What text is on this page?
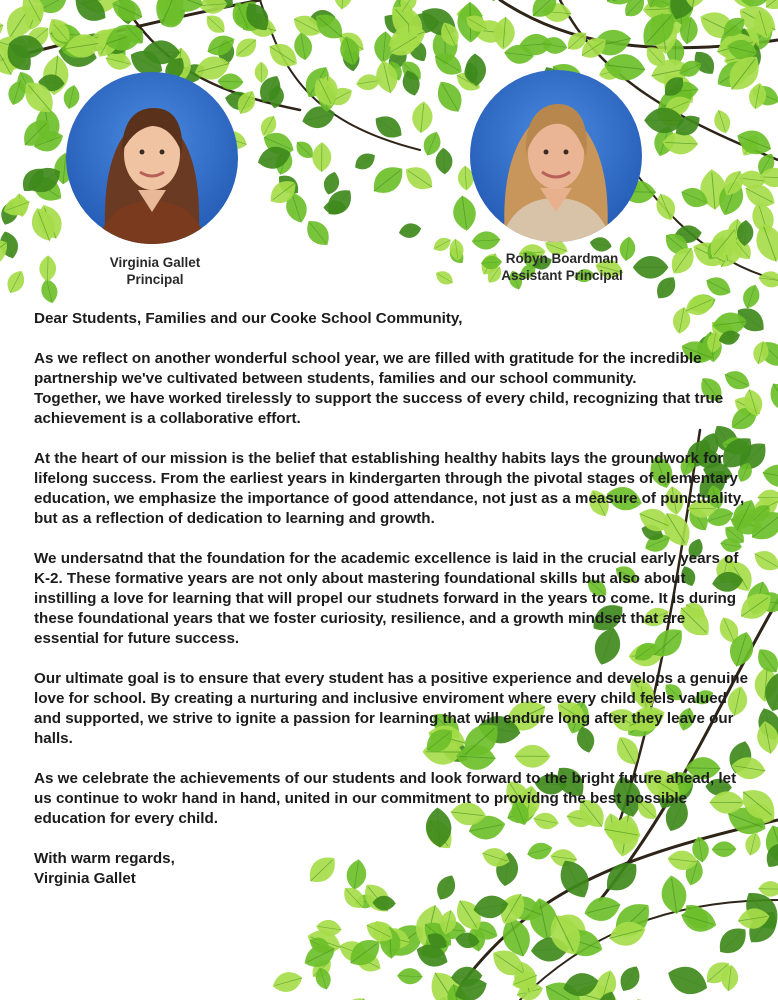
Virginia Gallet
Principal
Robyn Boardman
Assistant Principal

Dear Students, Families and our Cooke School Community,

As we reflect on another wonderful school year, we are filled with gratitude for the incredible partnership we've cultivated between students, families and our school community.

Together, we have worked tirelessly to support the success of every child, recognizing that true achievement is a collaborative effort.

At the heart of our mission is the belief that establishing healthy habits lays the groundwork for lifelong success. From the earliest years in kindergarten through the pivotal stages of elementary education, we emphasize the importance of good attendance, not just as a measure of punctuality, but as a reflection of dedication to learning and growth.

We undersatnd that the foundation for the academic excellence is laid in the crucial early years of K-2. These formative years are not only about mastering foundational skills but also about instilling a love for learning that will propel our studnets forward in the years to come. It is during these foundational years that we foster curiosity, resilience, and a growth mindset that are essential for future success.

Our ultimate goal is to ensure that every student has a positive experience and develops a genuine love for school. By creating a nurturing and inclusive enviroment where every child feels valued and supported, we strive to ignite a passion for learning that will endure long after they leave our halls.

As we celebrate the achievements of our students and look forward to the bright future ahead, let us continue to wokr hand in hand, united in our commitment to providng the best possible education for every child.

With warm regards,

Virginia Gallet
